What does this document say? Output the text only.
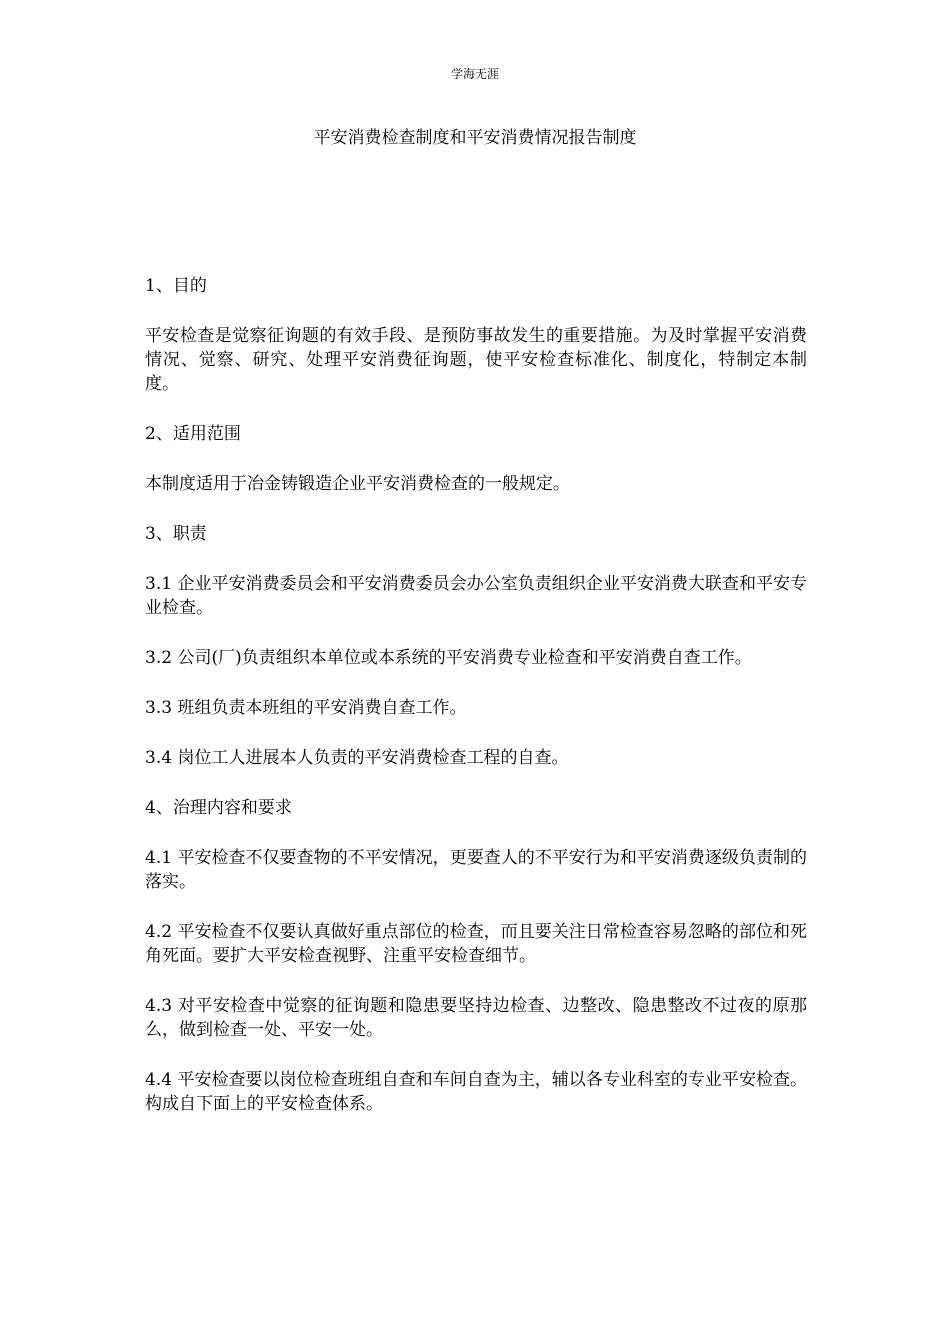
学海无涯
平安消费检查制度和平安消费情况报告制度

1、目的

平安检查是觉察征询题的有效手段、是预防事故发生的重要措施。为及时掌握平安消费情况、觉察、研究、处理平安消费征询题，使平安检查标准化、制度化，特制定本制度。

2、适用范围

本制度适用于冶金铸锻造企业平安消费检查的一般规定。

3、职责

3.1 企业平安消费委员会和平安消费委员会办公室负责组织企业平安消费大联查和平安专业检查。

3.2 公司(厂)负责组织本单位或本系统的平安消费专业检查和平安消费自查工作。

3.3 班组负责本班组的平安消费自查工作。

3.4 岗位工人进展本人负责的平安消费检查工程的自查。

4、治理内容和要求

4.1 平安检查不仅要查物的不平安情况，更要查人的不平安行为和平安消费逐级负责制的落实。

4.2 平安检查不仅要认真做好重点部位的检查，而且要关注日常检查容易忽略的部位和死角死面。要扩大平安检查视野、注重平安检查细节。

4.3 对平安检查中觉察的征询题和隐患要坚持边检查、边整改、隐患整改不过夜的原那么，做到检查一处、平安一处。

4.4 平安检查要以岗位检查班组自查和车间自查为主，辅以各专业科室的专业平安检查。构成自下面上的平安检查体系。
